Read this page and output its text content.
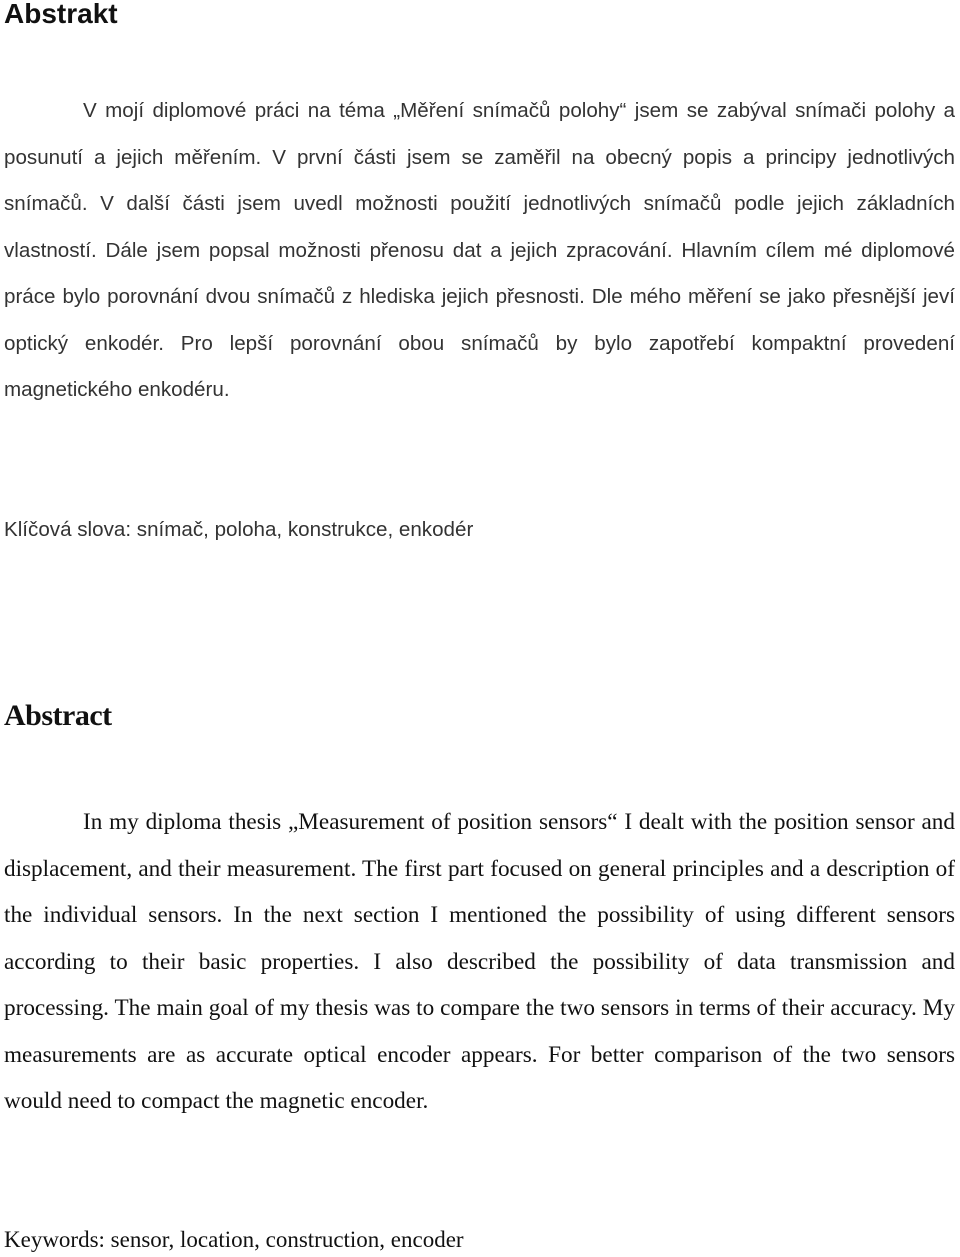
Abstrakt

V mojí diplomové práci na téma „Měření snímačů polohy“ jsem se zabýval snímači polohy a posunutí a jejich měřením. V první části jsem se zaměřil na obecný popis a principy jednotlivých snímačů. V další části jsem uvedl možnosti použití jednotlivých snímačů podle jejich základních vlastností. Dále jsem popsal možnosti přenosu dat a jejich zpracování. Hlavním cílem mé diplomové práce bylo porovnání dvou snímačů z hlediska jejich přesnosti. Dle mého měření se jako přesnější jeví optický enkodér. Pro lepší porovnání obou snímačů by bylo zapotřebí kompaktní provedení magnetického enkodéru.

Klíčová slova: snímač, poloha, konstrukce, enkodér

Abstract

In my diploma thesis „Measurement of position sensors“ I dealt with the position sensor and displacement, and their measurement. The first part focused on general principles and a description of the individual sensors. In the next section I mentioned the possibility of using different sensors according to their basic properties. I also described the possibility of data transmission and processing. The main goal of my thesis was to compare the two sensors in terms of their accuracy. My measurements are as accurate optical encoder appears. For better comparison of the two sensors would need to compact the magnetic encoder.

Keywords: sensor, location, construction, encoder
